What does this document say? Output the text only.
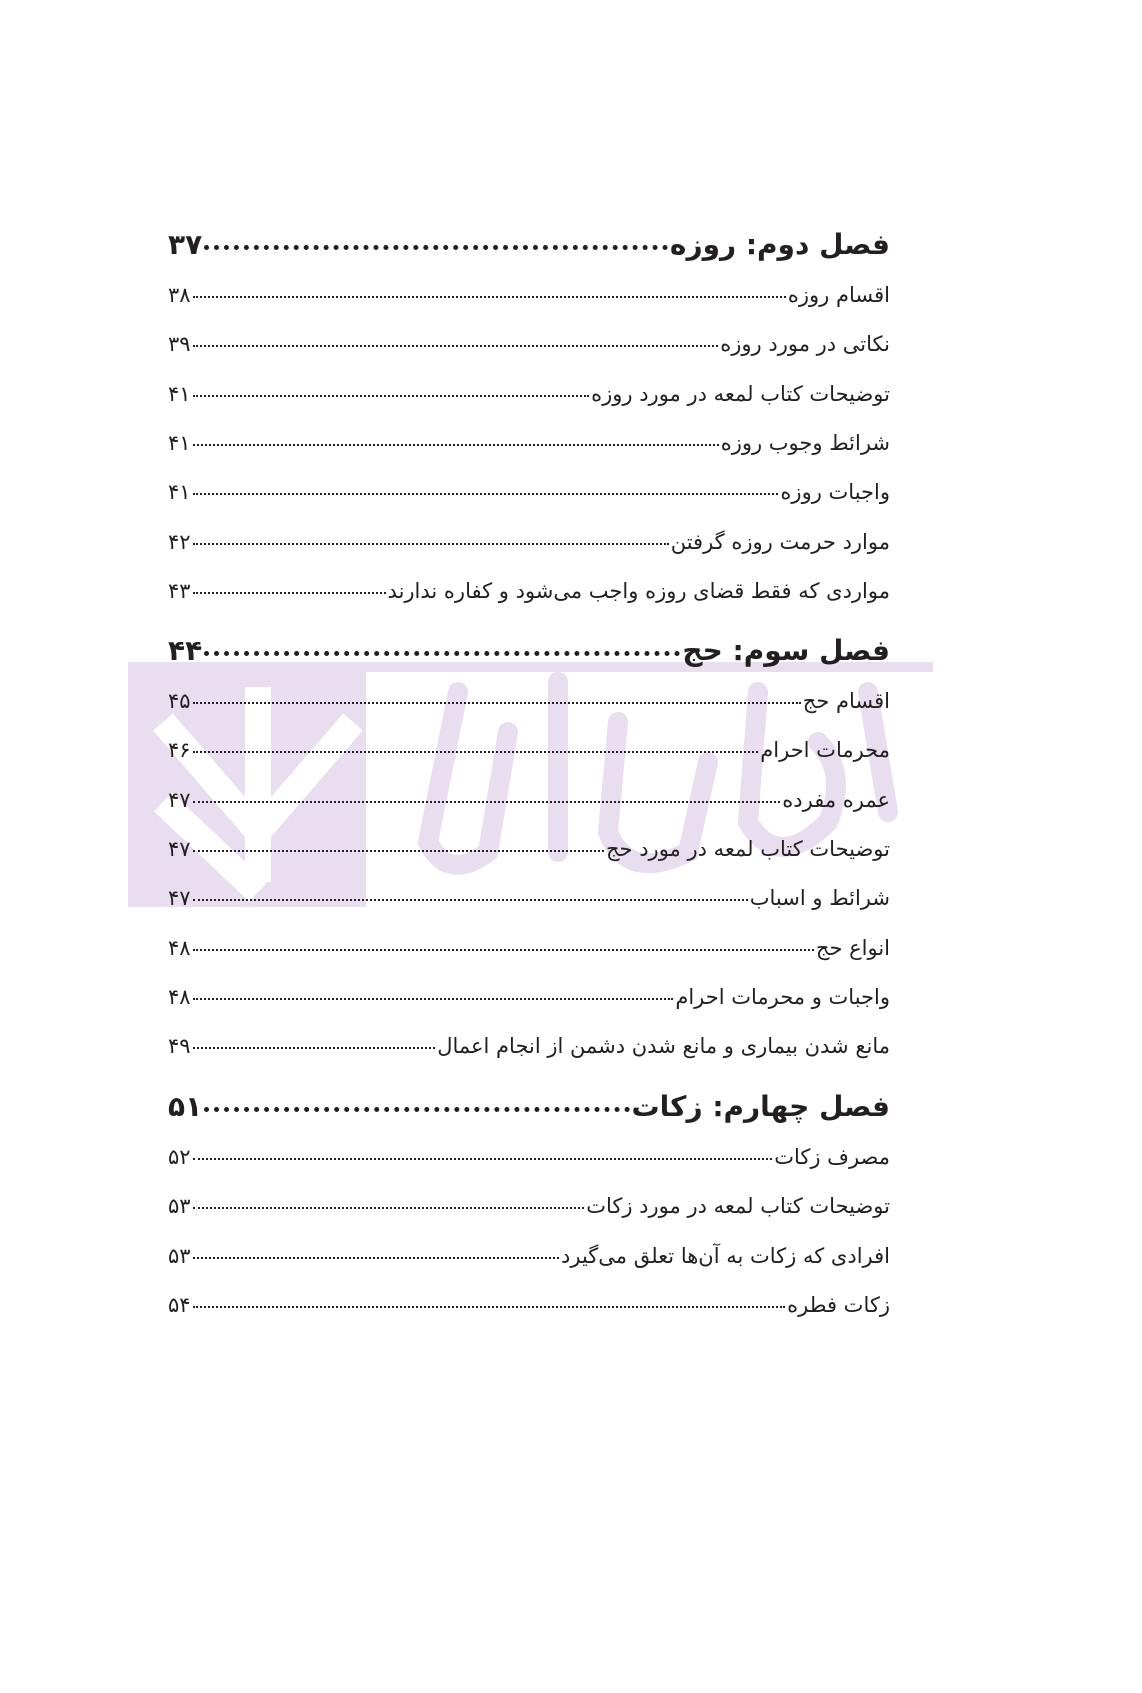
فصل دوم: روزه
۳۷
اقسام روزه
۳۸
نکاتی در مورد روزه
۳۹
توضیحات کتاب لمعه در مورد روزه
۴۱
شرائط وجوب روزه
۴۱
واجبات روزه
۴۱
موارد حرمت روزه گرفتن
۴۲
مواردی که فقط قضای روزه واجب می‌شود و کفاره ندارند
۴۳
فصل سوم: حج
۴۴
اقسام حج
۴۵
محرمات احرام
۴۶
عمره مفرده
۴۷
توضیحات کتاب لمعه در مورد حج
۴۷
شرائط و اسباب
۴۷
انواع حج
۴۸
واجبات و محرمات احرام
۴۸
مانع شدن بیماری و مانع شدن دشمن از انجام اعمال
۴۹
فصل چهارم: زکات
۵۱
مصرف زکات
۵۲
توضیحات کتاب لمعه در مورد زکات
۵۳
افرادی که زکات به آن‌ها تعلق می‌گیرد
۵۳
زکات فطره
۵۴
